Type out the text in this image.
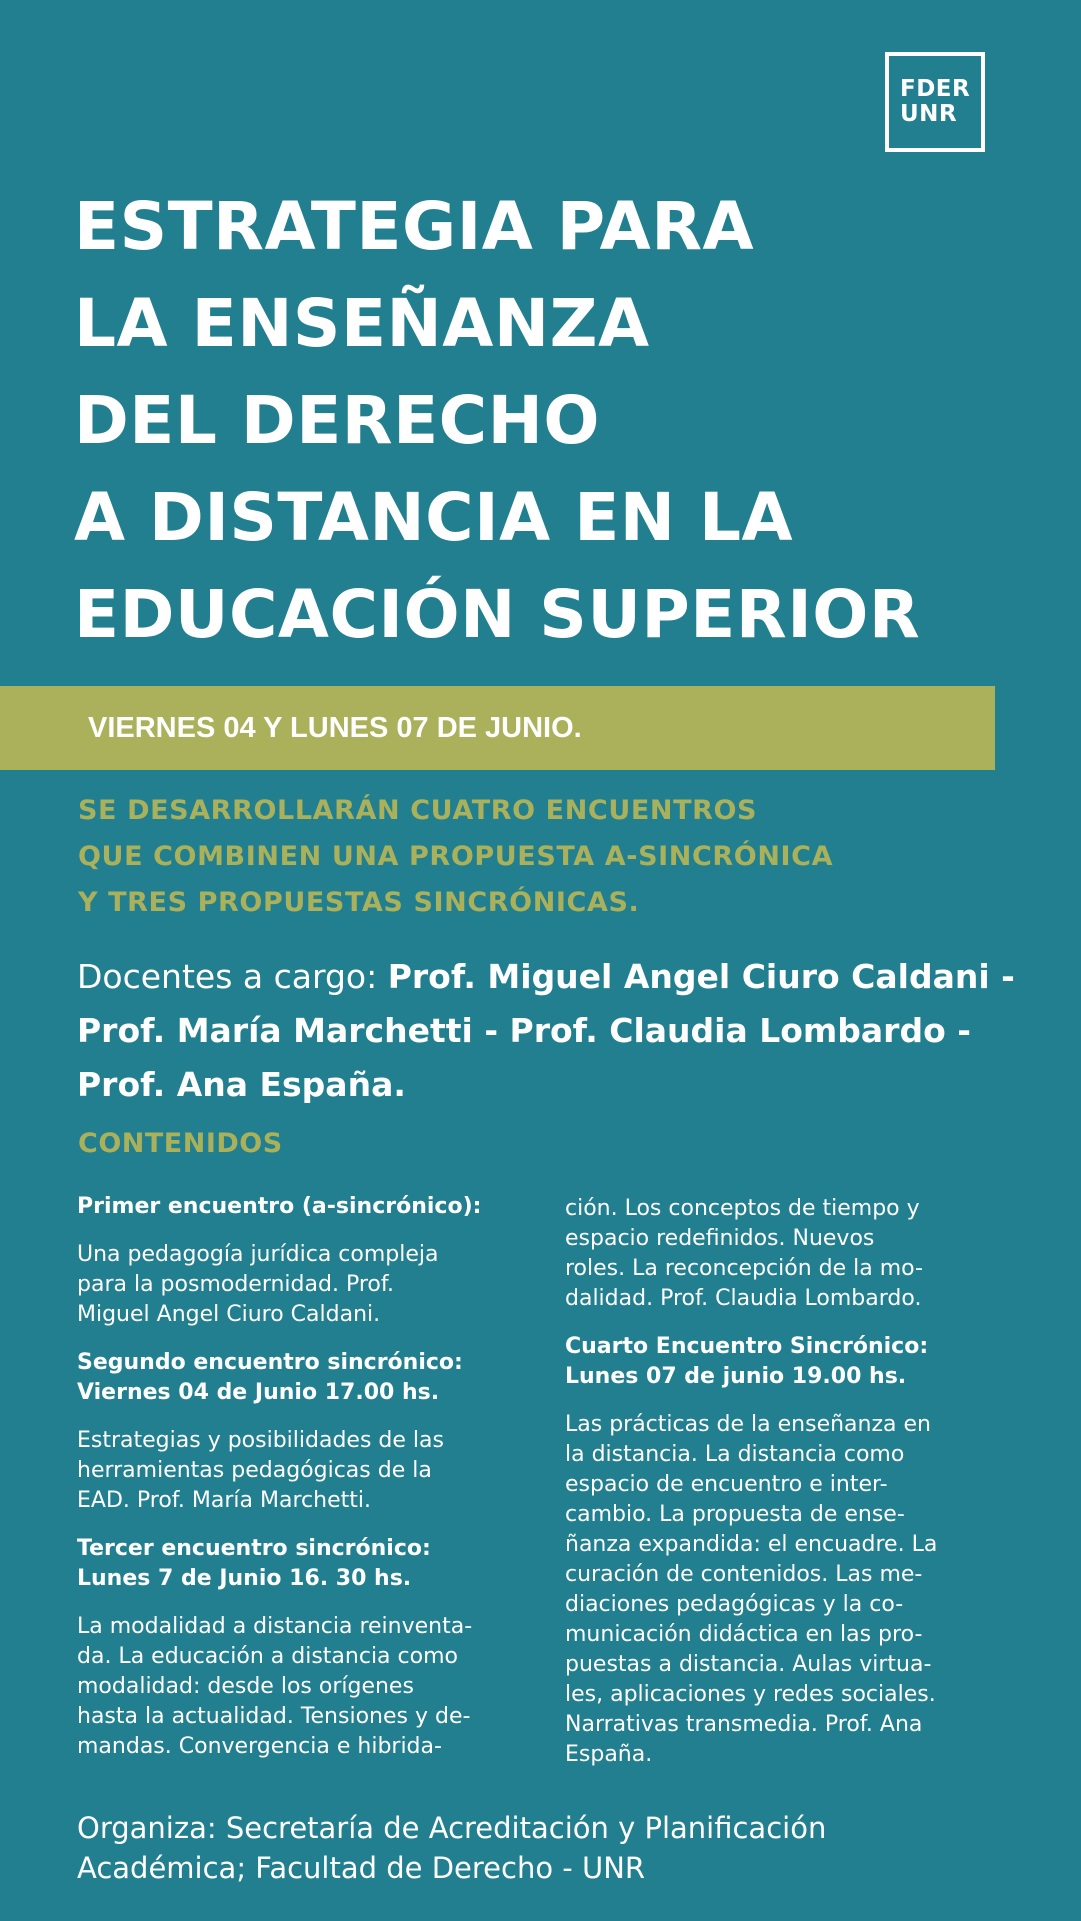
FDER
UNR
ESTRATEGIA PARA
LA ENSEÑANZA
DEL DERECHO
A DISTANCIA EN LA
EDUCACIÓN SUPERIOR
VIERNES 04 Y LUNES 07 DE JUNIO.
SE DESARROLLARÁN CUATRO ENCUENTROS
QUE COMBINEN UNA PROPUESTA A-SINCRÓNICA
Y TRES PROPUESTAS SINCRÓNICAS.
Docentes a cargo: Prof. Miguel Angel Ciuro Caldani - Prof. María Marchetti - Prof. Claudia Lombardo - Prof. Ana España.
CONTENIDOS
Primer encuentro (a-sincrónico):

Una pedagogía jurídica compleja
para la posmodernidad. Prof.
Miguel Angel Ciuro Caldani.

Segundo encuentro sincrónico:
Viernes 04 de Junio 17.00 hs.

Estrategias y posibilidades de las
herramientas pedagógicas de la
EAD. Prof. María Marchetti.

Tercer encuentro sincrónico:
Lunes 7 de Junio 16. 30 hs.

La modalidad a distancia reinventa-
da. La educación a distancia como
modalidad: desde los orígenes
hasta la actualidad. Tensiones y de-
mandas. Convergencia e hibrida-

ción. Los conceptos de tiempo y
espacio redefinidos. Nuevos
roles. La reconcepción de la mo-
dalidad. Prof. Claudia Lombardo.

Cuarto Encuentro Sincrónico:
Lunes 07 de junio 19.00 hs.

Las prácticas de la enseñanza en
la distancia. La distancia como
espacio de encuentro e inter-
cambio. La propuesta de ense-
ñanza expandida: el encuadre. La
curación de contenidos. Las me-
diaciones pedagógicas y la co-
municación didáctica en las pro-
puestas a distancia. Aulas virtua-
les, aplicaciones y redes sociales.
Narrativas transmedia. Prof. Ana
España.

Organiza: Secretaría de Acreditación y Planificación
Académica; Facultad de Derecho - UNR
